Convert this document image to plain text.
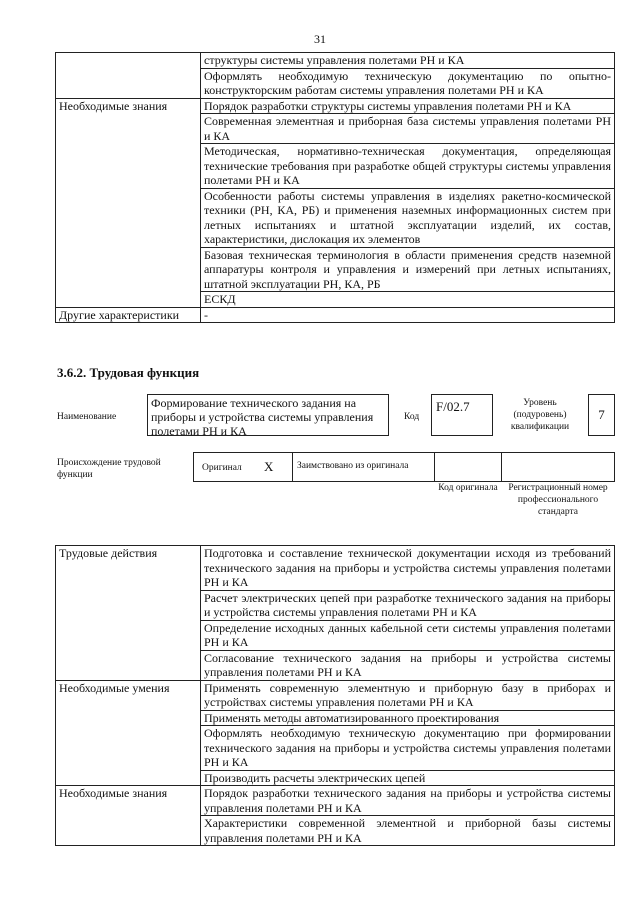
31
	структуры системы управления полетами РН и КА
	Оформлять необходимую техническую документацию по опытно-конструкторским работам системы управления полетами РН и КА
Необходимые знания	Порядок разработки структуры системы управления полетами РН и КА
	Современная элементная и приборная база системы управления полетами РН и КА
	Методическая, нормативно-техническая документация, определяющая технические требования при разработке общей структуры системы управления полетами РН и КА
	Особенности работы системы управления в изделиях ракетно-космической техники (РН, КА, РБ) и применения наземных информационных систем при летных испытаниях и штатной эксплуатации изделий, их состав, характеристики, дислокация их элементов
	Базовая техническая терминология в области применения средств наземной аппаратуры контроля и управления и измерений при летных испытаниях, штатной эксплуатации РН, КА, РБ
	ЕСКД
Другие характеристики	-
3.6.2. Трудовая функция
Наименование
Формирование технического задания на приборы и устройства системы управления полетами РН и КА
Код
F/02.7	Уровень (подуровень) квалификации
7
Происхождение трудовой функции
Оригинал X	Заимствовано из оригинала
Код оригинала	Регистрационный номер профессионального стандарта
Трудовые действия	Подготовка и составление технической документации исходя из требований технического задания на приборы и устройства системы управления полетами РН и КА
	Расчет электрических цепей при разработке технического задания на приборы и устройства системы управления полетами РН и КА
	Определение исходных данных кабельной сети системы управления полетами РН и КА
	Согласование технического задания на приборы и устройства системы управления полетами РН и КА
Необходимые умения	Применять современную элементную и приборную базу в приборах и устройствах системы управления полетами РН и КА
	Применять методы автоматизированного проектирования
	Оформлять необходимую техническую документацию при формировании технического задания на приборы и устройства системы управления полетами РН и КА
	Производить расчеты электрических цепей
Необходимые знания	Порядок разработки технического задания на приборы и устройства системы управления полетами РН и КА
	Характеристики современной элементной и приборной базы системы управления полетами РН и КА
